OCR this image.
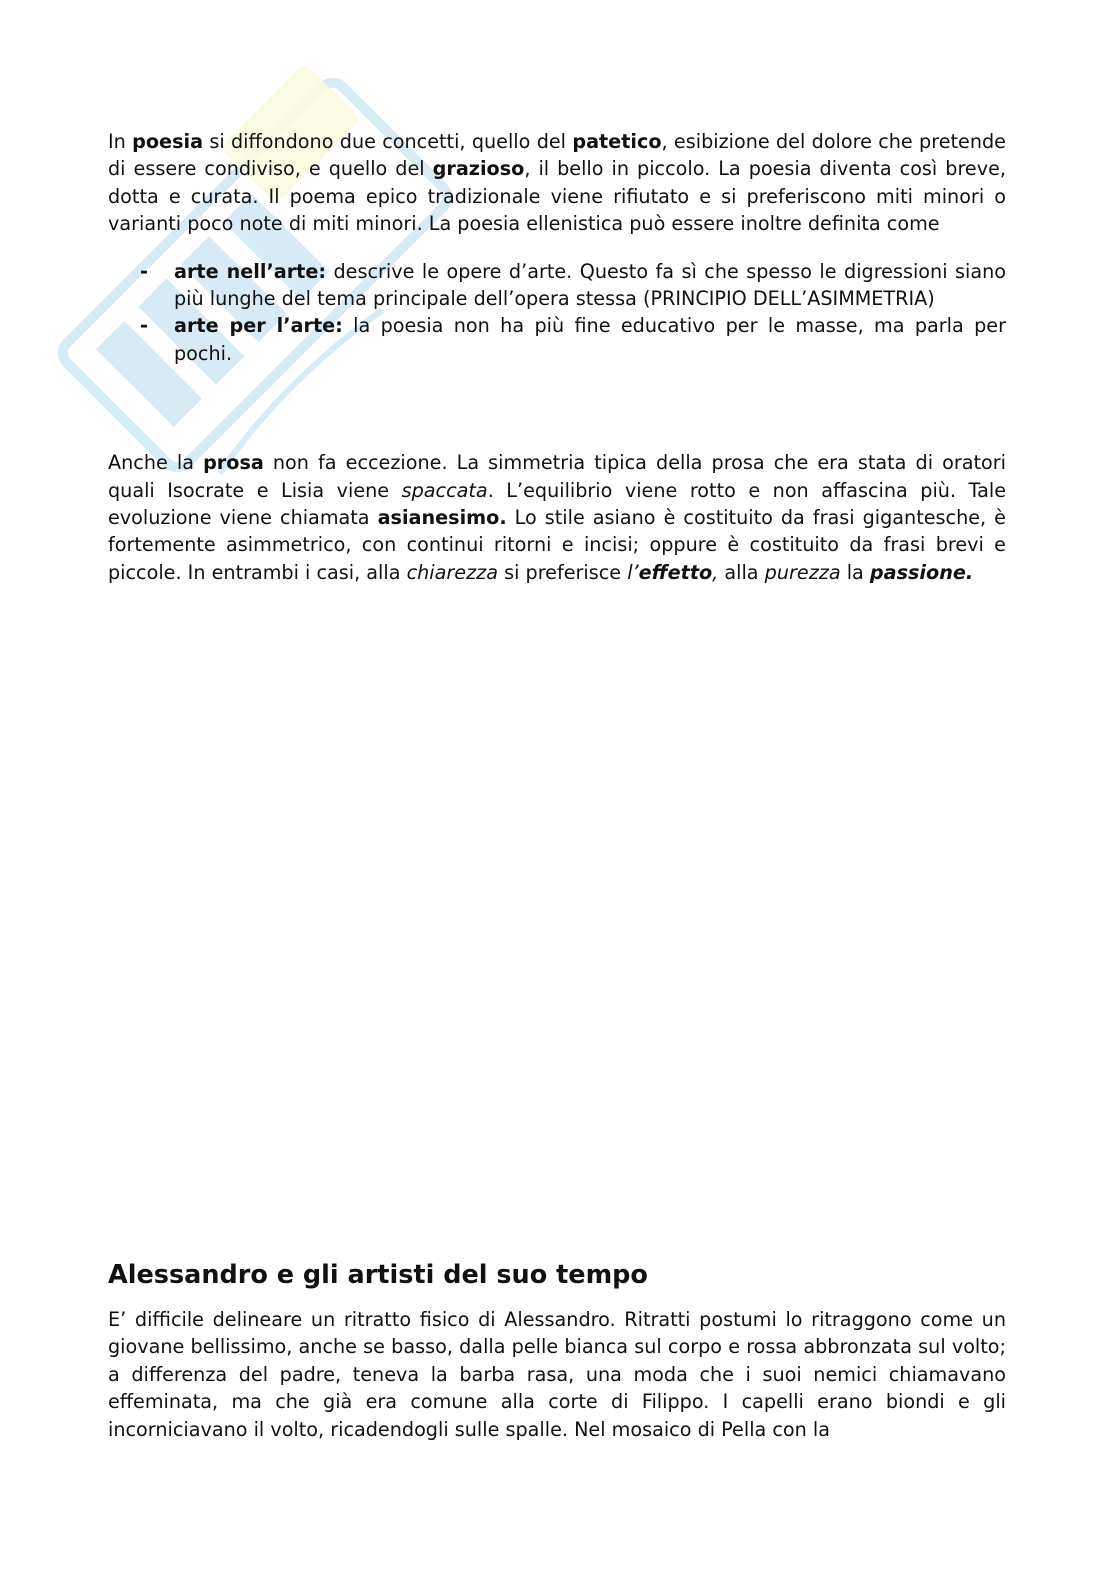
In poesia si diffondono due concetti, quello del patetico, esibizione del dolore che pretende di essere condiviso, e quello del grazioso, il bello in piccolo. La poesia diventa così breve, dotta e curata. Il poema epico tradizionale viene rifiutato e si preferiscono miti minori o varianti poco note di miti minori. La poesia ellenistica può essere inoltre definita come

- arte nell’arte: descrive le opere d’arte. Questo fa sì che spesso le digressioni siano più lunghe del tema principale dell’opera stessa (PRINCIPIO DELL’ASIMMETRIA)
- arte per l’arte: la poesia non ha più fine educativo per le masse, ma parla per pochi.

Anche la prosa non fa eccezione. La simmetria tipica della prosa che era stata di oratori quali Isocrate e Lisia viene spaccata. L’equilibrio viene rotto e non affascina più. Tale evoluzione viene chiamata asianesimo. Lo stile asiano è costituito da frasi gigantesche, è fortemente asimmetrico, con continui ritorni e incisi; oppure è costituito da frasi brevi e piccole. In entrambi i casi, alla chiarezza si preferisce l’effetto, alla purezza la passione.

Alessandro e gli artisti del suo tempo

E’ difficile delineare un ritratto fisico di Alessandro. Ritratti postumi lo ritraggono come un giovane bellissimo, anche se basso, dalla pelle bianca sul corpo e rossa abbronzata sul volto; a differenza del padre, teneva la barba rasa, una moda che i suoi nemici chiamavano effeminata, ma che già era comune alla corte di Filippo. I capelli erano biondi e gli incorniciavano il volto, ricadendogli sulle spalle. Nel mosaico di Pella con la
